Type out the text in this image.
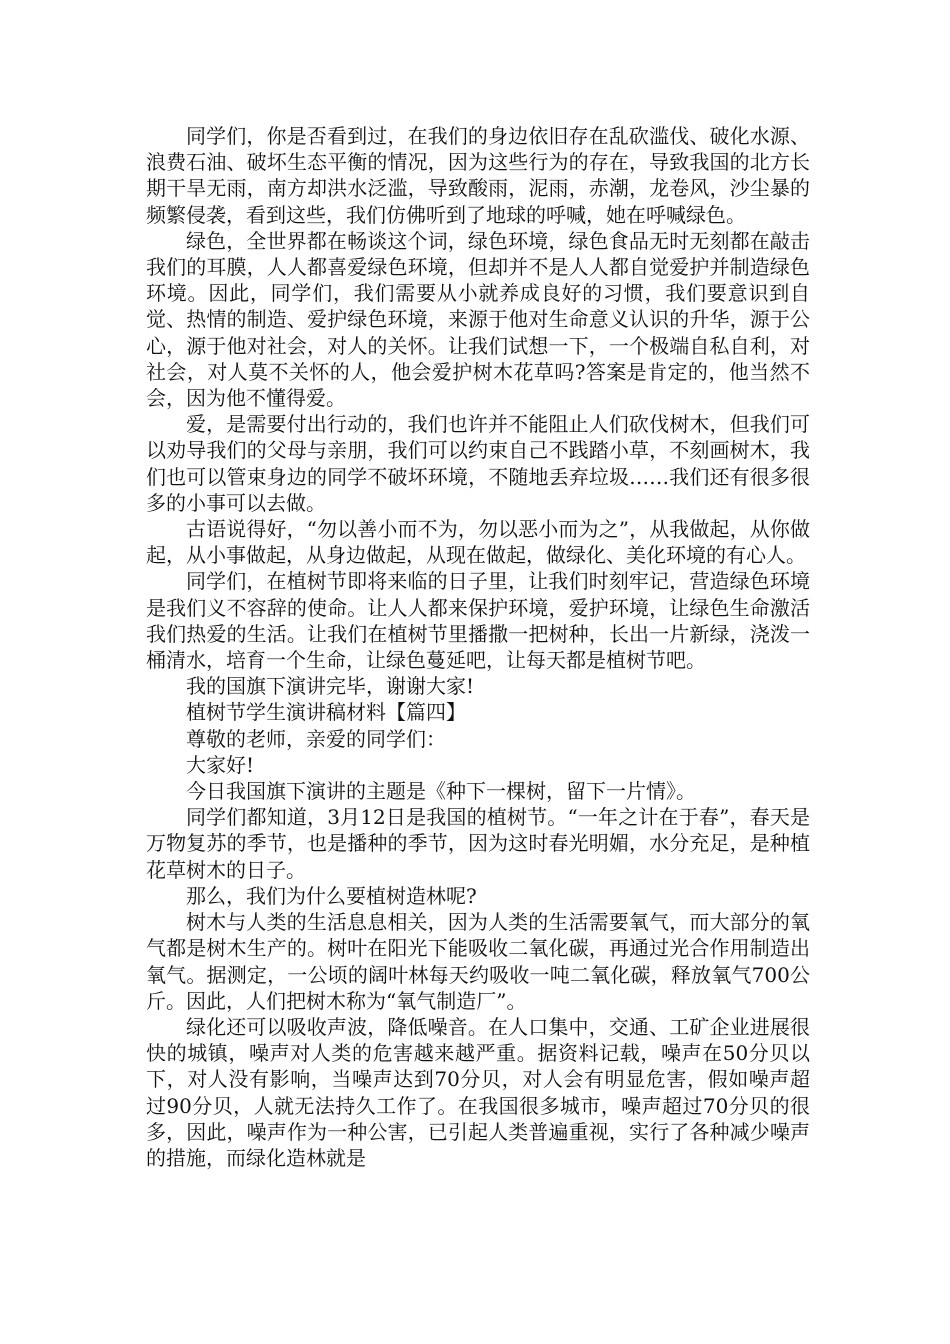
同学们，你是否看到过，在我们的身边依旧存在乱砍滥伐、破化水源、浪费石油、破坏生态平衡的情况，因为这些行为的存在，导致我国的北方长期干旱无雨，南方却洪水泛滥，导致酸雨，泥雨，赤潮，龙卷风，沙尘暴的频繁侵袭，看到这些，我们仿佛听到了地球的呼喊，她在呼喊绿色。

绿色，全世界都在畅谈这个词，绿色环境，绿色食品无时无刻都在敲击我们的耳膜，人人都喜爱绿色环境，但却并不是人人都自觉爱护并制造绿色环境。因此，同学们，我们需要从小就养成良好的习惯，我们要意识到自觉、热情的制造、爱护绿色环境，来源于他对生命意义认识的升华，源于公心，源于他对社会，对人的关怀。让我们试想一下，一个极端自私自利，对社会，对人莫不关怀的人，他会爱护树木花草吗?答案是肯定的，他当然不会，因为他不懂得爱。

爱，是需要付出行动的，我们也许并不能阻止人们砍伐树木，但我们可以劝导我们的父母与亲朋，我们可以约束自己不践踏小草，不刻画树木，我们也可以管束身边的同学不破坏环境，不随地丢弃垃圾……我们还有很多很多的小事可以去做。

古语说得好，“勿以善小而不为，勿以恶小而为之”，从我做起，从你做起，从小事做起，从身边做起，从现在做起，做绿化、美化环境的有心人。

同学们，在植树节即将来临的日子里，让我们时刻牢记，营造绿色环境是我们义不容辞的使命。让人人都来保护环境，爱护环境，让绿色生命激活我们热爱的生活。让我们在植树节里播撒一把树种，长出一片新绿，浇泼一桶清水，培育一个生命，让绿色蔓延吧，让每天都是植树节吧。

我的国旗下演讲完毕，谢谢大家!

植树节学生演讲稿材料【篇四】

尊敬的老师，亲爱的同学们：

大家好!

今日我国旗下演讲的主题是《种下一棵树，留下一片情》。

同学们都知道，3月12日是我国的植树节。“一年之计在于春”，春天是万物复苏的季节，也是播种的季节，因为这时春光明媚，水分充足，是种植花草树木的日子。

那么，我们为什么要植树造林呢?

树木与人类的生活息息相关，因为人类的生活需要氧气，而大部分的氧气都是树木生产的。树叶在阳光下能吸收二氧化碳，再通过光合作用制造出氧气。据测定，一公顷的阔叶林每天约吸收一吨二氧化碳，释放氧气700公斤。因此，人们把树木称为“氧气制造厂”。

绿化还可以吸收声波，降低噪音。在人口集中，交通、工矿企业进展很快的城镇，噪声对人类的危害越来越严重。据资料记载，噪声在50分贝以下，对人没有影响，当噪声达到70分贝，对人会有明显危害，假如噪声超过90分贝，人就无法持久工作了。在我国很多城市，噪声超过70分贝的很多，因此，噪声作为一种公害，已引起人类普遍重视，实行了各种减少噪声的措施，而绿化造林就是
